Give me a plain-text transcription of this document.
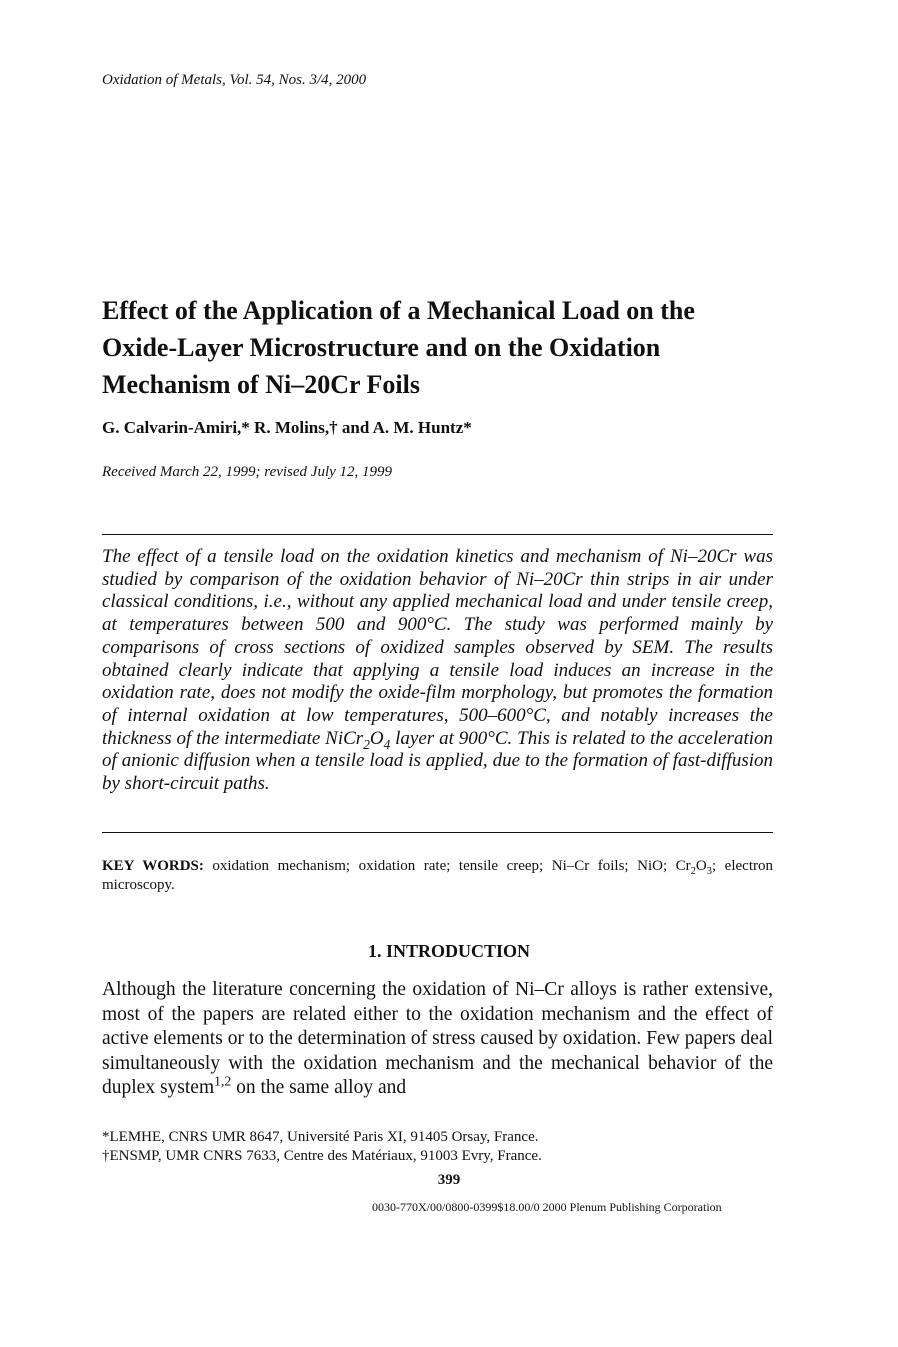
Oxidation of Metals, Vol. 54, Nos. 3/4, 2000
Effect of the Application of a Mechanical Load on the
Oxide-Layer Microstructure and on the Oxidation
Mechanism of Ni–20Cr Foils
G. Calvarin-Amiri,* R. Molins,† and A. M. Huntz*
Received March 22, 1999; revised July 12, 1999
The effect of a tensile load on the oxidation kinetics and mechanism of Ni–20Cr was studied by comparison of the oxidation behavior of Ni–20Cr thin strips in air under classical conditions, i.e., without any applied mechanical load and under tensile creep, at temperatures between 500 and 900°C. The study was performed mainly by comparisons of cross sections of oxidized samples observed by SEM. The results obtained clearly indicate that applying a tensile load induces an increase in the oxidation rate, does not modify the oxide-film morphology, but promotes the formation of internal oxidation at low temperatures, 500–600°C, and notably increases the thickness of the intermediate $NiCr_2O_4$ layer at 900°C. This is related to the acceleration of anionic diffusion when a tensile load is applied, due to the formation of fast-diffusion by short-circuit paths.
KEY WORDS: oxidation mechanism; oxidation rate; tensile creep; Ni–Cr foils; NiO; $Cr_2O_3$; electron microscopy.
1. INTRODUCTION
Although the literature concerning the oxidation of Ni–Cr alloys is rather extensive, most of the papers are related either to the oxidation mechanism and the effect of active elements or to the determination of stress caused by oxidation. Few papers deal simultaneously with the oxidation mechanism and the mechanical behavior of the duplex system$^{1,2}$ on the same alloy and
*LEMHE, CNRS UMR 8647, Université Paris XI, 91405 Orsay, France.
†ENSMP, UMR CNRS 7633, Centre des Matériaux, 91003 Evry, France.
399
0030-770X/00/0800-0399$18.00/0 2000 Plenum Publishing Corporation
